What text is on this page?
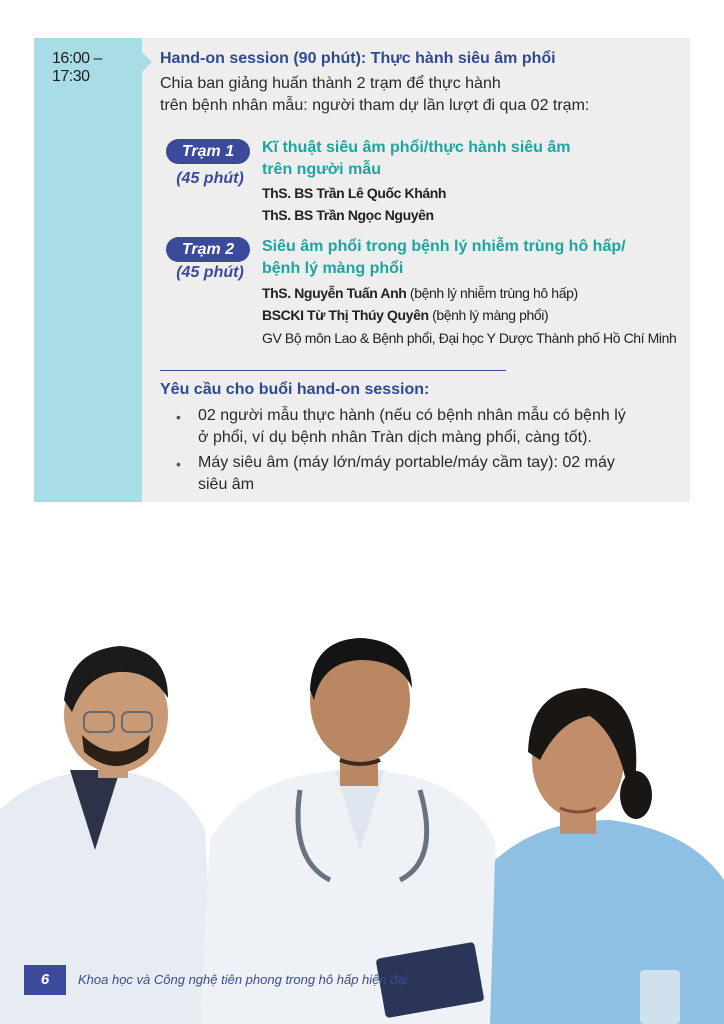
16:00 – 17:30
Hand-on session (90 phút): Thực hành siêu âm phổi
Chia ban giảng huấn thành 2 trạm để thực hành
trên bệnh nhân mẫu: người tham dự lần lượt đi qua 02 trạm:
Trạm 1
(45 phút)
Kĩ thuật siêu âm phổi/thực hành siêu âm
trên người mẫu
ThS. BS Trần Lê Quốc Khánh
ThS. BS Trần Ngọc Nguyên
Trạm 2
(45 phút)
Siêu âm phổi trong bệnh lý nhiễm trùng hô hấp/
bệnh lý màng phổi
ThS. Nguyễn Tuấn Anh (bệnh lý nhiễm trùng hô hấp)
BSCKI Từ Thị Thúy Quyên (bệnh lý màng phổi)
GV Bộ môn Lao & Bệnh phổi, Đại học Y Dược Thành phố Hồ Chí Minh
Yêu cầu cho buổi hand-on session:
• 02 người mẫu thực hành (nếu có bệnh nhân mẫu có bệnh lý
ở phổi, ví dụ bệnh nhân Tràn dịch màng phổi, càng tốt).
• Máy siêu âm (máy lớn/máy portable/máy cầm tay): 02 máy
siêu âm
6	Khoa học và Công nghệ tiên phong trong hô hấp hiện đại
